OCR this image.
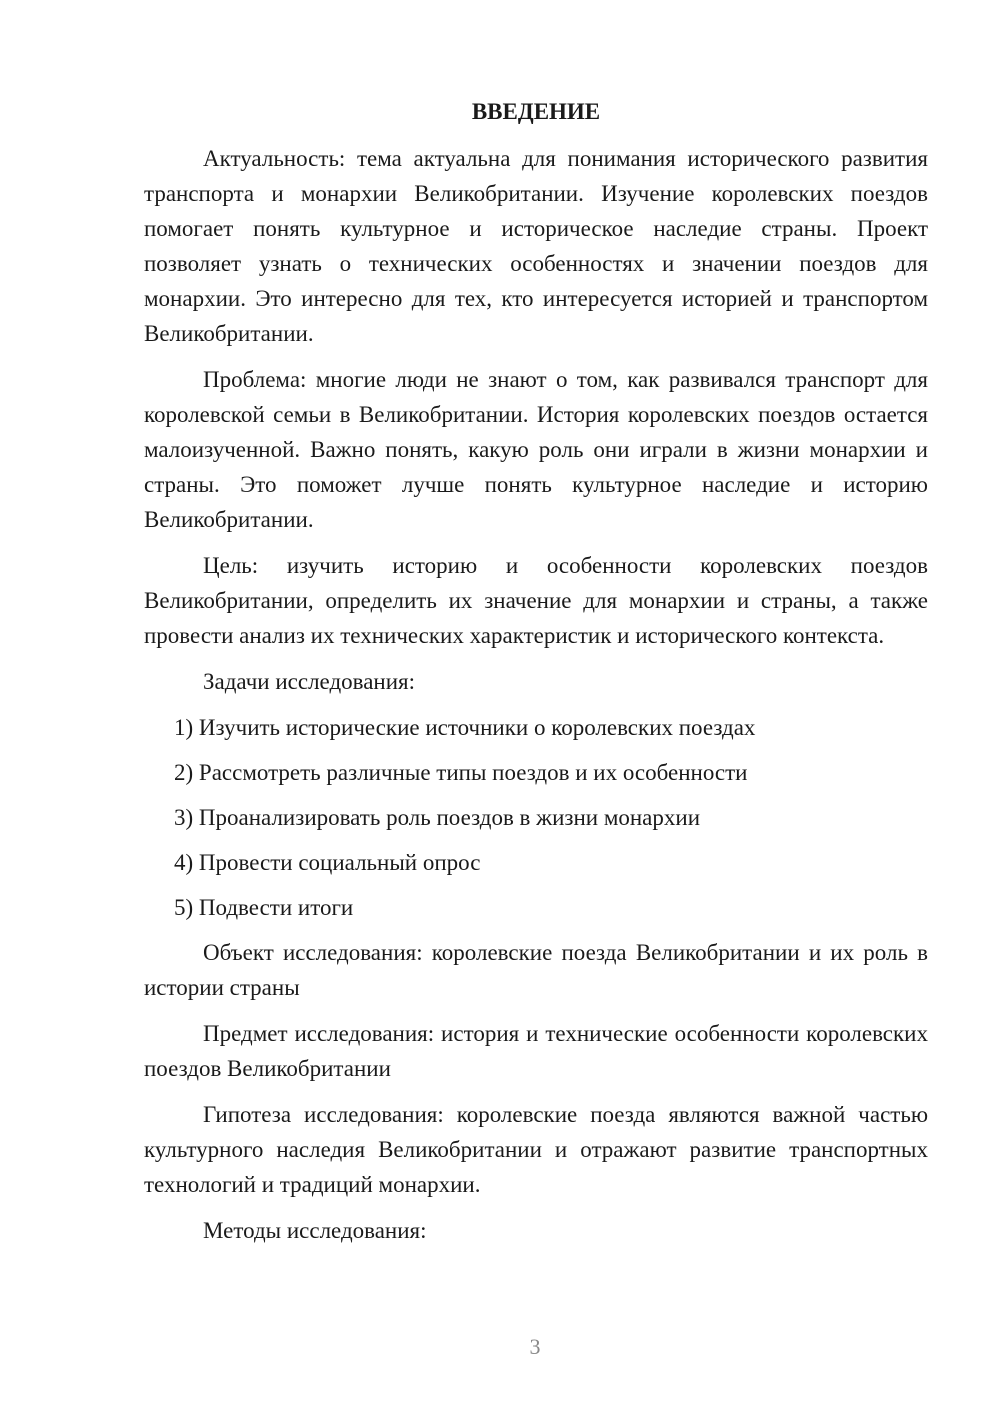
ВВЕДЕНИЕ

Актуальность: тема актуальна для понимания исторического развития транспорта и монархии Великобритании. Изучение королевских поездов помогает понять культурное и историческое наследие страны. Проект позволяет узнать о технических особенностях и значении поездов для монархии. Это интересно для тех, кто интересуется историей и транспортом Великобритании.

Проблема: многие люди не знают о том, как развивался транспорт для королевской семьи в Великобритании. История королевских поездов остается малоизученной. Важно понять, какую роль они играли в жизни монархии и страны. Это поможет лучше понять культурное наследие и историю Великобритании.

Цель: изучить историю и особенности королевских поездов Великобритании, определить их значение для монархии и страны, а также провести анализ их технических характеристик и исторического контекста.

Задачи исследования:

1) Изучить исторические источники о королевских поездах
2) Рассмотреть различные типы поездов и их особенности
3) Проанализировать роль поездов в жизни монархии
4) Провести социальный опрос
5) Подвести итоги

Объект исследования: королевские поезда Великобритании и их роль в истории страны

Предмет исследования: история и технические особенности королевских поездов Великобритании

Гипотеза исследования: королевские поезда являются важной частью культурного наследия Великобритании и отражают развитие транспортных технологий и традиций монархии.

Методы исследования:

3
